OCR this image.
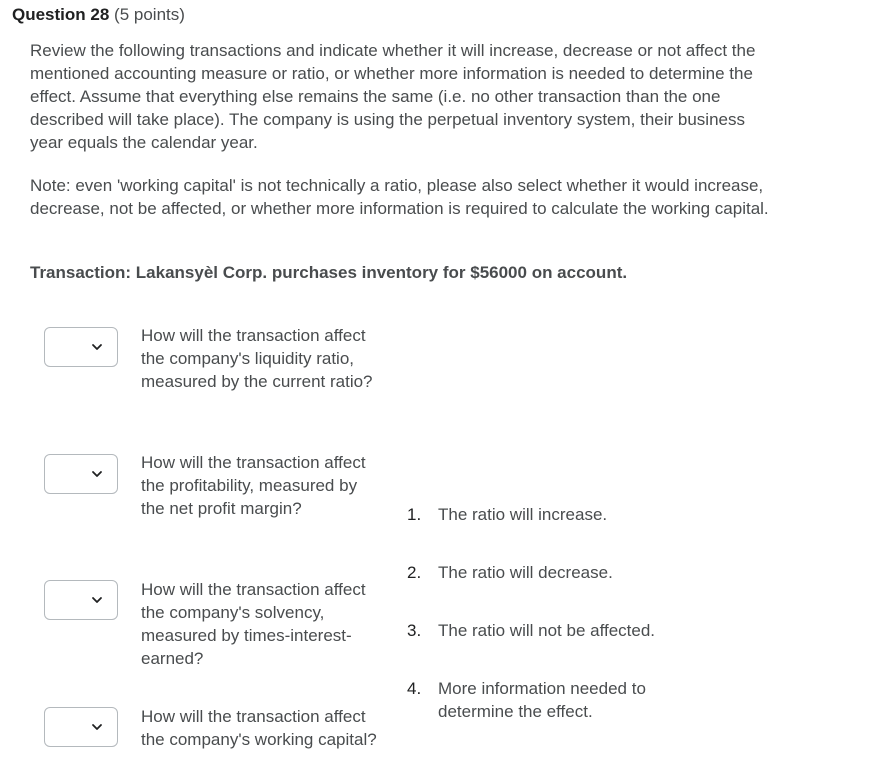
Question 28 (5 points)

Review the following transactions and indicate whether it will increase, decrease or not affect the mentioned accounting measure or ratio, or whether more information is needed to determine the effect. Assume that everything else remains the same (i.e. no other transaction than the one described will take place). The company is using the perpetual inventory system, their business year equals the calendar year.

Note: even 'working capital' is not technically a ratio, please also select whether it would increase, decrease, not be affected, or whether more information is required to calculate the working capital.

Transaction: Lakansyèl Corp. purchases inventory for $56000 on account.

How will the transaction affect the company's liquidity ratio, measured by the current ratio?

How will the transaction affect the profitability, measured by the net profit margin?

How will the transaction affect the company's solvency, measured by times-interest-earned?

How will the transaction affect the company's working capital?

1. The ratio will increase.
2. The ratio will decrease.
3. The ratio will not be affected.
4. More information needed to determine the effect.
